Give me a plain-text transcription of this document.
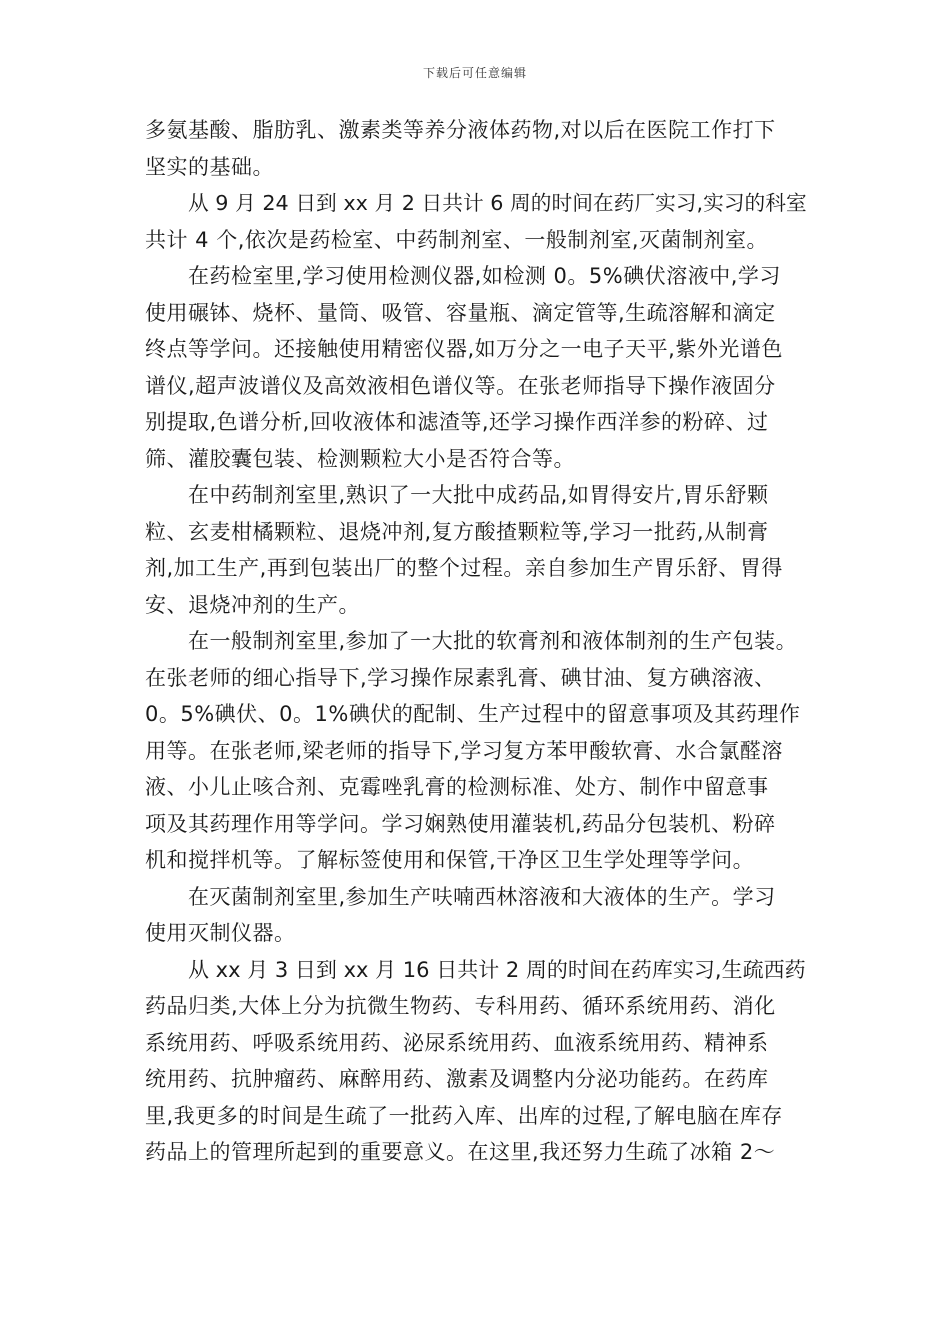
下载后可任意编辑
多氨基酸、脂肪乳、激素类等养分液体药物,对以后在医院工作打下
坚实的基础。
从 9 月 24 日到 xx 月 2 日共计 6 周的时间在药厂实习,实习的科室
共计 4 个,依次是药检室、中药制剂室、一般制剂室,灭菌制剂室。
在药检室里,学习使用检测仪器,如检测 0。5%碘伏溶液中,学习
使用碾钵、烧杯、量筒、吸管、容量瓶、滴定管等,生疏溶解和滴定
终点等学问。还接触使用精密仪器,如万分之一电子天平,紫外光谱色
谱仪,超声波谱仪及高效液相色谱仪等。在张老师指导下操作液固分
别提取,色谱分析,回收液体和滤渣等,还学习操作西洋参的粉碎、过
筛、灌胶囊包装、检测颗粒大小是否符合等。
在中药制剂室里,熟识了一大批中成药品,如胃得安片,胃乐舒颗
粒、玄麦柑橘颗粒、退烧冲剂,复方酸揸颗粒等,学习一批药,从制膏
剂,加工生产,再到包装出厂的整个过程。亲自参加生产胃乐舒、胃得
安、退烧冲剂的生产。
在一般制剂室里,参加了一大批的软膏剂和液体制剂的生产包装。
在张老师的细心指导下,学习操作尿素乳膏、碘甘油、复方碘溶液、
0。5%碘伏、0。1%碘伏的配制、生产过程中的留意事项及其药理作
用等。在张老师,梁老师的指导下,学习复方苯甲酸软膏、水合氯醛溶
液、小儿止咳合剂、克霉唑乳膏的检测标准、处方、制作中留意事
项及其药理作用等学问。学习娴熟使用灌装机,药品分包装机、粉碎
机和搅拌机等。了解标签使用和保管,干净区卫生学处理等学问。
在灭菌制剂室里,参加生产呋喃西林溶液和大液体的生产。学习
使用灭制仪器。
从 xx 月 3 日到 xx 月 16 日共计 2 周的时间在药库实习,生疏西药
药品归类,大体上分为抗微生物药、专科用药、循环系统用药、消化
系统用药、呼吸系统用药、泌尿系统用药、血液系统用药、精神系
统用药、抗肿瘤药、麻醉用药、激素及调整内分泌功能药。在药库
里,我更多的时间是生疏了一批药入库、出库的过程,了解电脑在库存
药品上的管理所起到的重要意义。在这里,我还努力生疏了冰箱 2～
